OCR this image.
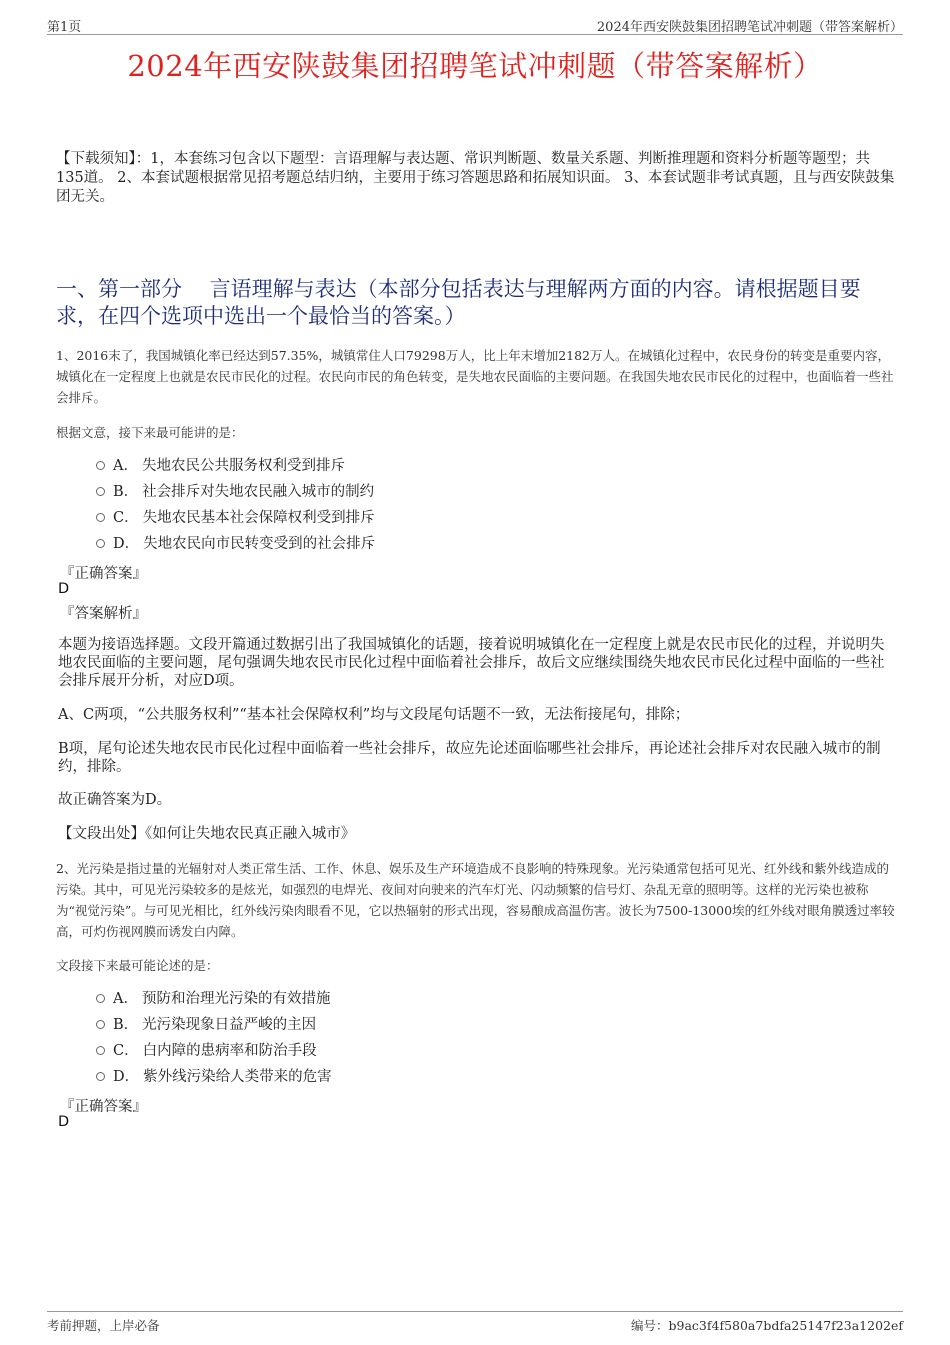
第1页	2024年西安陕鼓集团招聘笔试冲刺题（带答案解析）
2024年西安陕鼓集团招聘笔试冲刺题（带答案解析）
【下载须知】：1，本套练习包含以下题型：言语理解与表达题、常识判断题、数量关系题、判断推理题和资料分析题等题型；共135道。 2、本套试题根据常见招考题总结归纳，主要用于练习答题思路和拓展知识面。 3、本套试题非考试真题，且与西安陕鼓集团无关。
一、第一部分　 言语理解与表达（本部分包括表达与理解两方面的内容。请根据题目要求，在四个选项中选出一个最恰当的答案。）
1、2016末了，我国城镇化率已经达到57.35%，城镇常住人口79298万人，比上年末增加2182万人。在城镇化过程中，农民身份的转变是重要内容，城镇化在一定程度上也就是农民市民化的过程。农民向市民的角色转变，是失地农民面临的主要问题。在我国失地农民市民化的过程中，也面临着一些社会排斥。
根据文意，接下来最可能讲的是：
A． 失地农民公共服务权利受到排斥
B． 社会排斥对失地农民融入城市的制约
C． 失地农民基本社会保障权利受到排斥
D． 失地农民向市民转变受到的社会排斥
『正确答案』
D
『答案解析』
本题为接语选择题。文段开篇通过数据引出了我国城镇化的话题，接着说明城镇化在一定程度上就是农民市民化的过程，并说明失地农民面临的主要问题，尾句强调失地农民市民化过程中面临着社会排斥，故后文应继续围绕失地农民市民化过程中面临的一些社会排斥展开分析，对应D项。
A、C两项，“公共服务权利”“基本社会保障权利”均与文段尾句话题不一致，无法衔接尾句，排除；
B项，尾句论述失地农民市民化过程中面临着一些社会排斥，故应先论述面临哪些社会排斥，再论述社会排斥对农民融入城市的制约，排除。
故正确答案为D。
【文段出处】《如何让失地农民真正融入城市》
2、光污染是指过量的光辐射对人类正常生活、工作、休息、娱乐及生产环境造成不良影响的特殊现象。光污染通常包括可见光、红外线和紫外线造成的污染。其中，可见光污染较多的是炫光，如强烈的电焊光、夜间对向驶来的汽车灯光、闪动频繁的信号灯、杂乱无章的照明等。这样的光污染也被称为“视觉污染”。与可见光相比，红外线污染肉眼看不见，它以热辐射的形式出现，容易酿成高温伤害。波长为7500-13000埃的红外线对眼角膜透过率较高，可灼伤视网膜而诱发白内障。
文段接下来最可能论述的是：
A． 预防和治理光污染的有效措施
B． 光污染现象日益严峻的主因
C． 白内障的患病率和防治手段
D． 紫外线污染给人类带来的危害
『正确答案』
D
考前押题，上岸必备	编号：b9ac3f4f580a7bdfa25147f23a1202ef
